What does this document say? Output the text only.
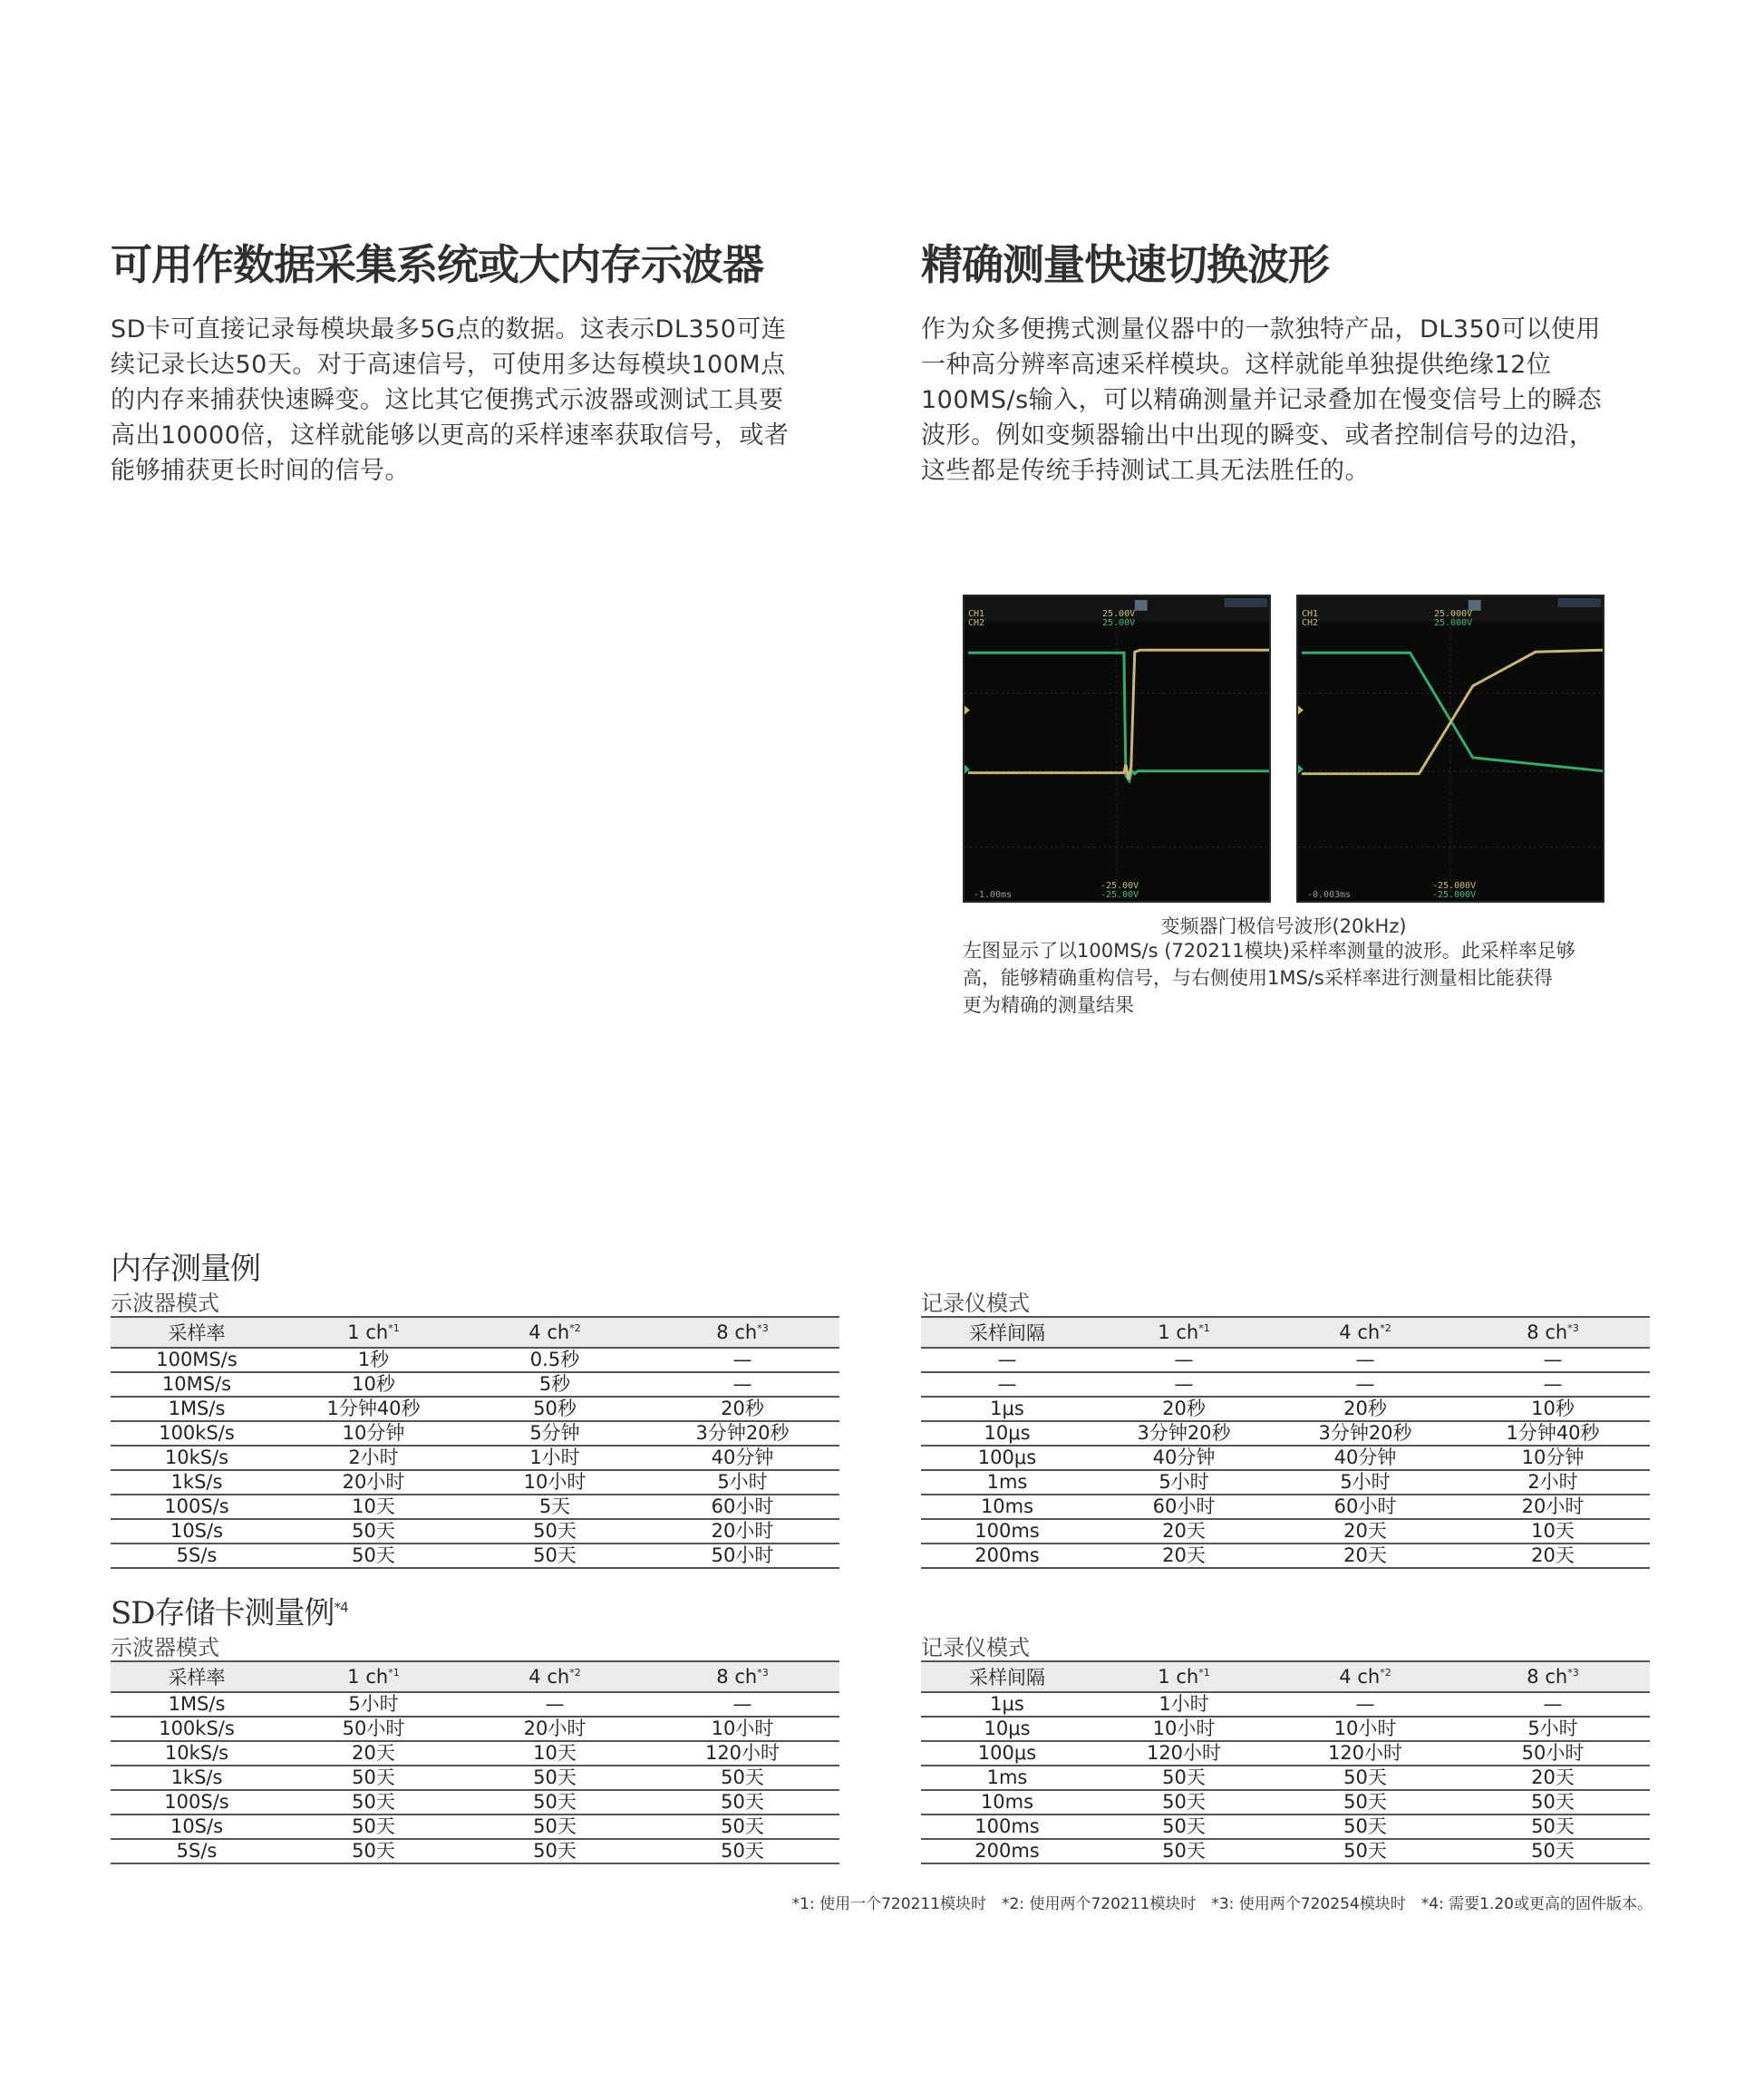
可用作数据采集系统或大内存示波器
SD卡可直接记录每模块最多5G点的数据。这表示DL350可连
续记录长达50天。对于高速信号，可使用多达每模块100M点
的内存来捕获快速瞬变。这比其它便携式示波器或测试工具要
高出10000倍，这样就能够以更高的采样速率获取信号，或者
能够捕获更长时间的信号。
精确测量快速切换波形
作为众多便携式测量仪器中的一款独特产品，DL350可以使用
一种高分辨率高速采样模块。这样就能单独提供绝缘12位
100MS/s输入，可以精确测量并记录叠加在慢变信号上的瞬态
波形。例如变频器输出中出现的瞬变、或者控制信号的边沿，
这些都是传统手持测试工具无法胜任的。
CH1
CH2
25.00V
25.00V
-25.00V
-25.00V
-1.00ms
CH1
CH2
25.000V
25.000V
-25.000V
-25.000V
-0.003ms
变频器门极信号波形(20kHz)
左图显示了以100MS/s (720211模块)采样率测量的波形。此采样率足够
高，能够精确重构信号，与右侧使用1MS/s采样率进行测量相比能获得
更为精确的测量结果
内存测量例
示波器模式	记录仪模式
采样率	1 $ch^{*1}$	4 $ch^{*2}$	8 $ch^{*3}$
100MS/s	1秒	0.5秒	—
10MS/s	10秒	5秒	—
1MS/s	1分钟40秒	50秒	20秒
100kS/s	10分钟	5分钟	3分钟20秒
10kS/s	2小时	1小时	40分钟
1kS/s	20小时	10小时	5小时
100S/s	10天	5天	60小时
10S/s	50天	50天	20小时
5S/s	50天	50天	50小时
采样间隔	1 $ch^{*1}$	4 $ch^{*2}$	8 $ch^{*3}$
—	—	—	—
—	—	—	—
1μs	20秒	20秒	10秒
10μs	3分钟20秒	3分钟20秒	1分钟40秒
100μs	40分钟	40分钟	10分钟
1ms	5小时	5小时	2小时
10ms	60小时	60小时	20小时
100ms	20天	20天	10天
200ms	20天	20天	20天
SD存储卡测量例$^{*4}$
示波器模式	记录仪模式
采样率	1 $ch^{*1}$	4 $ch^{*2}$	8 $ch^{*3}$
1MS/s	5小时	—	—
100kS/s	50小时	20小时	10小时
10kS/s	20天	10天	120小时
1kS/s	50天	50天	50天
100S/s	50天	50天	50天
10S/s	50天	50天	50天
5S/s	50天	50天	50天
采样间隔	1 $ch^{*1}$	4 $ch^{*2}$	8 $ch^{*3}$
1μs	1小时	—	—
10μs	10小时	10小时	5小时
100μs	120小时	120小时	50小时
1ms	50天	50天	20天
10ms	50天	50天	50天
100ms	50天	50天	50天
200ms	50天	50天	50天
*1: 使用一个720211模块时　*2: 使用两个720211模块时　*3: 使用两个720254模块时　*4: 需要1.20或更高的固件版本。
